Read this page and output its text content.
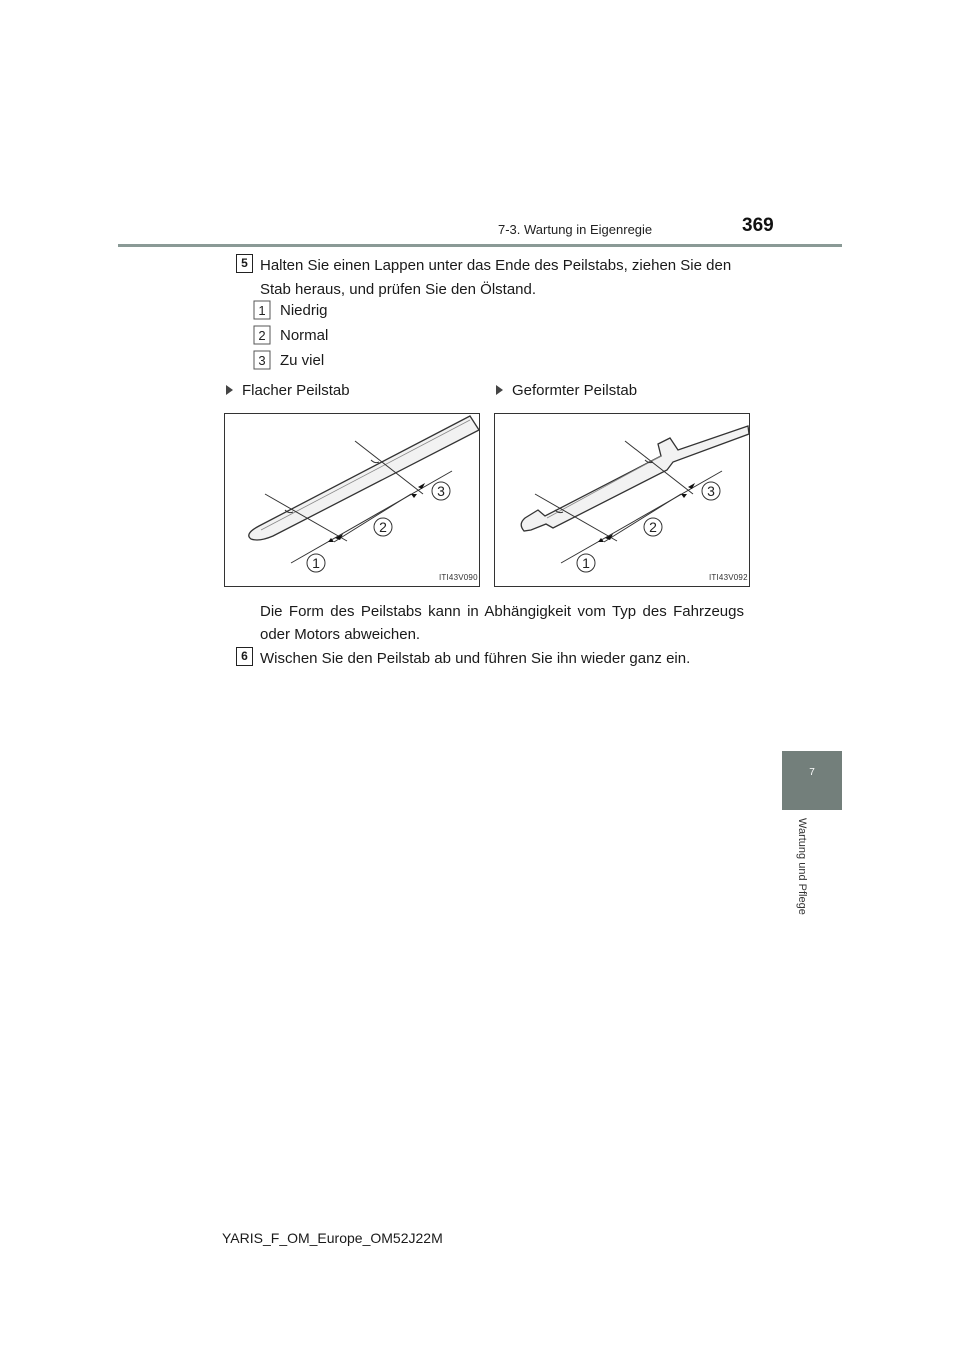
7-3. Wartung in Eigenregie	369
5 Halten Sie einen Lappen unter das Ende des Peilstabs, ziehen Sie den
Stab heraus, und prüfen Sie den Ölstand.
1 Niedrig
2 Normal
3 Zu viel
Flacher Peilstab	Geformter Peilstab
3
2
1
ITI43V090
3
2
1
ITI43V092
Die Form des Peilstabs kann in Abhängigkeit vom Typ des Fahrzeugs
oder Motors abweichen.
6 Wischen Sie den Peilstab ab und führen Sie ihn wieder ganz ein.
7
Wartung und Pflege
YARIS_F_OM_Europe_OM52J22M
